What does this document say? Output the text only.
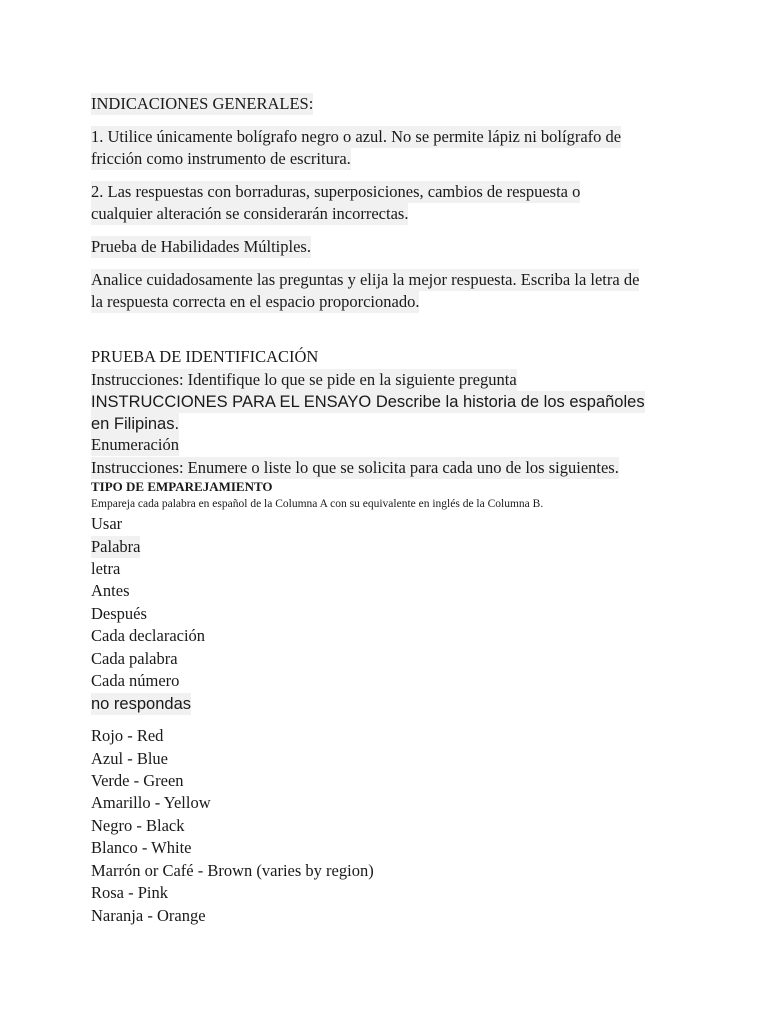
INDICACIONES GENERALES:
1. Utilice únicamente bolígrafo negro o azul. No se permite lápiz ni bolígrafo de
fricción como instrumento de escritura.
2. Las respuestas con borraduras, superposiciones, cambios de respuesta o
cualquier alteración se considerarán incorrectas.
Prueba de Habilidades Múltiples.
Analice cuidadosamente las preguntas y elija la mejor respuesta. Escriba la letra de
la respuesta correcta en el espacio proporcionado.
PRUEBA DE IDENTIFICACIÓN
Instrucciones: Identifique lo que se pide en la siguiente pregunta
INSTRUCCIONES PARA EL ENSAYO Describe la historia de los españoles
en Filipinas.
Enumeración
Instrucciones: Enumere o liste lo que se solicita para cada uno de los siguientes.
TIPO DE EMPAREJAMIENTO
Empareja cada palabra en español de la Columna A con su equivalente en inglés de la Columna B.
Usar
Palabra
letra
Antes
Después
Cada declaración
Cada palabra
Cada número
no respondas
Rojo - Red
Azul - Blue
Verde - Green
Amarillo - Yellow
Negro - Black
Blanco - White
Marrón or Café - Brown (varies by region)
Rosa - Pink
Naranja - Orange
